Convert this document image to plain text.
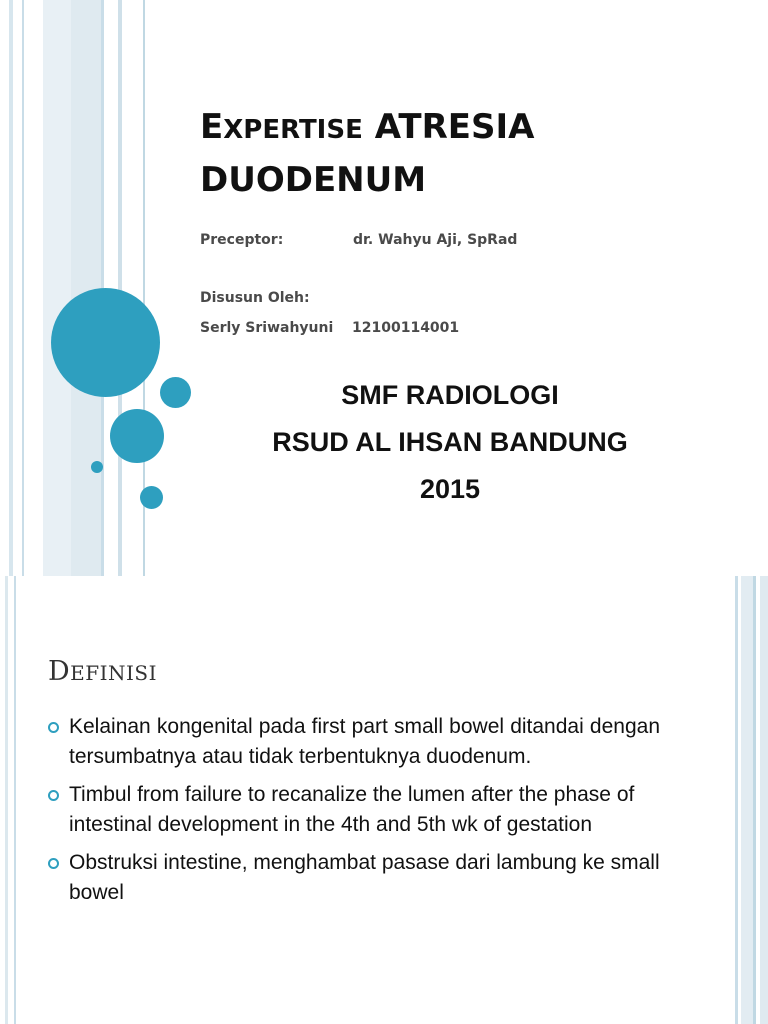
EXPERTISE ATRESIA
DUODENUM
Preceptor:	dr. Wahyu Aji, SpRad
Disusun Oleh:
Serly Sriwahyuni 12100114001
SMF RADIOLOGI
RSUD AL IHSAN BANDUNG
2015
DEFINISI
Kelainan kongenital pada first part small bowel ditandai dengan tersumbatnya atau tidak terbentuknya duodenum.
Timbul from failure to recanalize the lumen after the phase of intestinal development in the 4th and 5th wk of gestation
Obstruksi intestine, menghambat pasase dari lambung ke small bowel
